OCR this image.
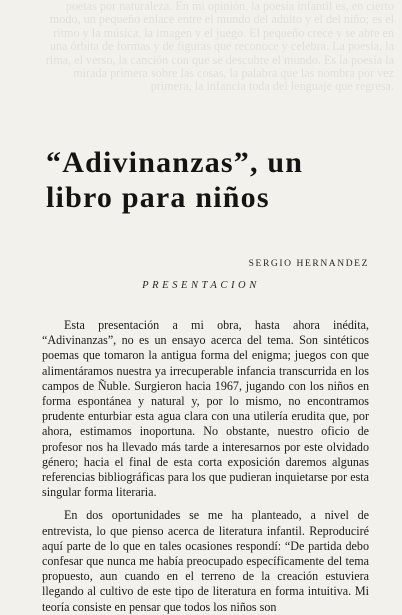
poetas por naturaleza. En mi opinión, la poesía infantil es, en cierto modo, un pequeño enlace entre el mundo del adulto y el del niño; es el ritmo y la música, la imagen y el juego. El pequeño crece y se abre en una órbita de formas y de figuras que reconoce y celebra. La poesía, la rima, el verso, la canción con que se descubre el mundo. Es la poesía la mirada primera sobre las cosas, la palabra que las nombra por vez primera, la infancia toda del lenguaje que regresa.
“Adivinanzas”, un libro para niños

SERGIO HERNANDEZ

PRESENTACION

Esta presentación a mi obra, hasta ahora inédita, “Adivinanzas”, no es un ensayo acerca del tema. Son sintéticos poemas que tomaron la antigua forma del enigma; juegos con que alimentáramos nuestra ya irrecuperable infancia transcurrida en los campos de Ñuble. Surgieron hacia 1967, jugando con los niños en forma espontánea y natural y, por lo mismo, no encontramos prudente enturbiar esta agua clara con una utilería erudita que, por ahora, estimamos inoportuna. No obstante, nuestro oficio de profesor nos ha llevado más tarde a interesarnos por este olvidado género; hacia el final de esta corta exposición daremos algunas referencias bibliográficas para los que pudieran inquietarse por esta singular forma literaria.

En dos oportunidades se me ha planteado, a nivel de entrevista, lo que pienso acerca de literatura infantil. Reproduciré aquí parte de lo que en tales ocasiones respondí: “De partida debo confesar que nunca me había preocupado específicamente del tema propuesto, aun cuando en el terreno de la creación estuviera llegando al cultivo de este tipo de literatura en forma intuitiva. Mi teoría consiste en pensar que todos los niños son
